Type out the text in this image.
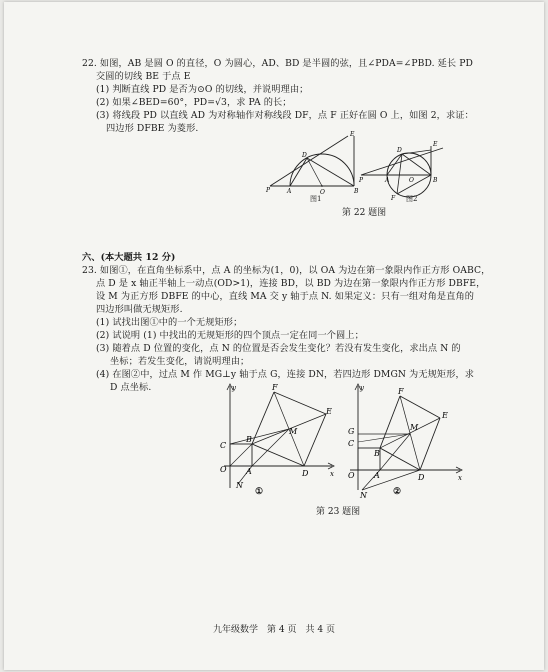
22. 如图，AB 是圆 O 的直径，O 为圆心，AD、BD 是半圆的弦，且∠PDA=∠PBD. 延长 PD
交圆的切线 BE 于点 E
(1) 判断直线 PD 是否为⊙O 的切线，并说明理由；
(2) 如果∠BED=60°，PD=√3，求 PA 的长；
(3) 将线段 PD 以直线 AD 为对称轴作对称线段 DF，点 F 正好在圆 O 上，如图 2，求证：
四边形 DFBE 为菱形.
P	A	O	B
D
E
图1
P	A	O	B
D
E
F 图2
第 22 题图
六、(本大题共 12 分)
23. 如图①，在直角坐标系中，点 A 的坐标为(1，0)，以 OA 为边在第一象限内作正方形 OABC，
点 D 是 x 轴正半轴上一动点(OD>1)，连接 BD，以 BD 为边在第一象限内作正方形 DBFE，
设 M 为正方形 DBFE 的中心，直线 MA 交 y 轴于点 N. 如果定义：只有一组对角是直角的
四边形叫做无规矩形.
(1) 试找出图①中的一个无规矩形；
(2) 试说明 (1) 中找出的无规矩形的四个顶点一定在同一个圆上；
(3) 随着点 D 位置的变化，点 N 的位置是否会发生变化？若没有发生变化，求出点 N 的
坐标；若发生变化，请说明理由；
(4) 在图②中，过点 M 作 MG⊥y 轴于点 G，连接 DN，若四边形 DMGN 为无规矩形，求
D 点坐标.	y
x
O A
C
B
D
E
F
M
N
①
y
x
O A
C
G
B
D
E
F
M
N	②
第 23 题图
九年级数学　第 4 页　共 4 页
